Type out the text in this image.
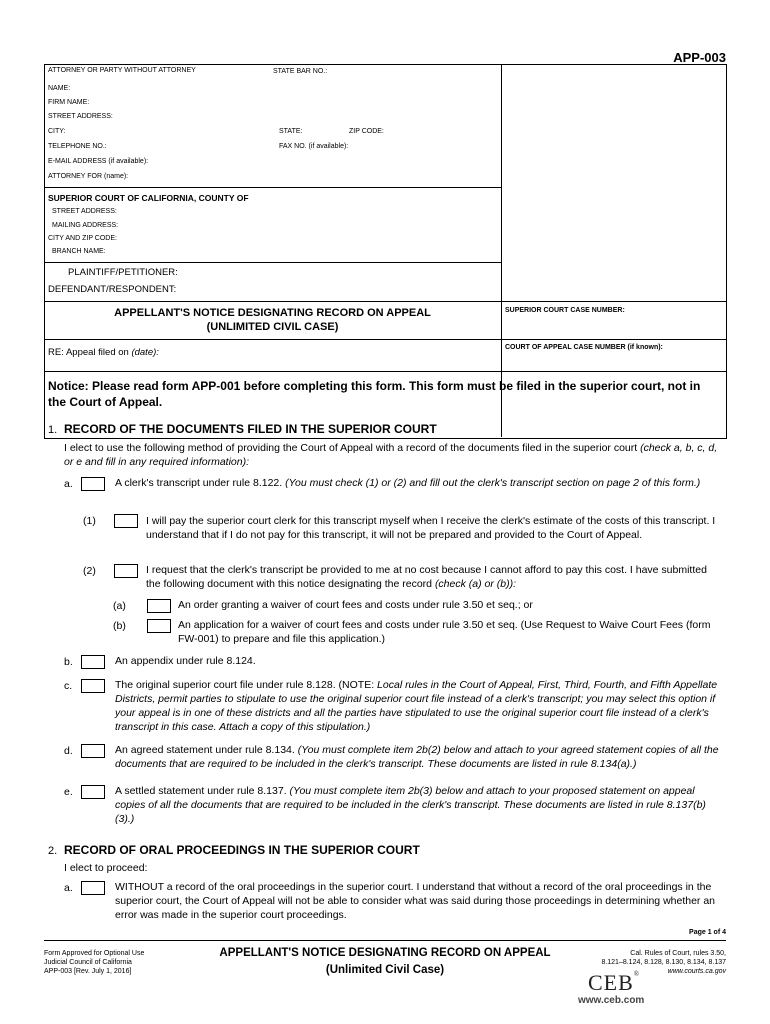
APP-003
ATTORNEY OR PARTY WITHOUT ATTORNEY	STATE BAR NO.:
NAME:
FIRM NAME:
STREET ADDRESS:
CITY:	STATE:	ZIP CODE:
TELEPHONE NO.:	FAX NO. (if available):
E-MAIL ADDRESS (if available):
ATTORNEY FOR (name):
SUPERIOR COURT OF CALIFORNIA, COUNTY OF
STREET ADDRESS:
MAILING ADDRESS:
CITY AND ZIP CODE:
BRANCH NAME:
PLAINTIFF/PETITIONER:
DEFENDANT/RESPONDENT:
APPELLANT'S NOTICE DESIGNATING RECORD ON APPEAL
(UNLIMITED CIVIL CASE)
SUPERIOR COURT CASE NUMBER:
COURT OF APPEAL CASE NUMBER (if known):
RE: Appeal filed on (date):
Notice: Please read form APP-001 before completing this form. This form must be filed in the superior court, not in the Court of Appeal.
1. RECORD OF THE DOCUMENTS FILED IN THE SUPERIOR COURT
I elect to use the following method of providing the Court of Appeal with a record of the documents filed in the superior court (check a, b, c, d, or e and fill in any required information):
a.	A clerk's transcript under rule 8.122. (You must check (1) or (2) and fill out the clerk's transcript section on page 2 of this form.)
(1)	I will pay the superior court clerk for this transcript myself when I receive the clerk's estimate of the costs of this transcript. I understand that if I do not pay for this transcript, it will not be prepared and provided to the Court of Appeal.
(2)	I request that the clerk's transcript be provided to me at no cost because I cannot afford to pay this cost. I have submitted the following document with this notice designating the record (check (a) or (b)):
(a)	An order granting a waiver of court fees and costs under rule 3.50 et seq.; or
(b)	An application for a waiver of court fees and costs under rule 3.50 et seq. (Use Request to Waive Court Fees (form FW-001) to prepare and file this application.)
b.	An appendix under rule 8.124.
c.	The original superior court file under rule 8.128. (NOTE: Local rules in the Court of Appeal, First, Third, Fourth, and Fifth Appellate Districts, permit parties to stipulate to use the original superior court file instead of a clerk's transcript; you may select this option if your appeal is in one of these districts and all the parties have stipulated to use the original superior court file instead of a clerk's transcript in this case. Attach a copy of this stipulation.)
d.	An agreed statement under rule 8.134. (You must complete item 2b(2) below and attach to your agreed statement copies of all the documents that are required to be included in the clerk's transcript. These documents are listed in rule 8.134(a).)
e.	A settled statement under rule 8.137. (You must complete item 2b(3) below and attach to your proposed statement on appeal copies of all the documents that are required to be included in the clerk's transcript. These documents are listed in rule 8.137(b)(3).)
2. RECORD OF ORAL PROCEEDINGS IN THE SUPERIOR COURT
I elect to proceed:
a.	WITHOUT a record of the oral proceedings in the superior court. I understand that without a record of the oral proceedings in the superior court, the Court of Appeal will not be able to consider what was said during those proceedings in determining whether an error was made in the superior court proceedings.
Page 1 of 4
Form Approved for Optional Use
Judicial Council of California
APP-003 [Rev. July 1, 2016]
APPELLANT'S NOTICE DESIGNATING RECORD ON APPEAL
(Unlimited Civil Case)
Cal. Rules of Court, rules 3.50,
8.121–8.124, 8.128, 8.130, 8.134, 8.137
www.courts.ca.gov
CEB®
www.ceb.com
